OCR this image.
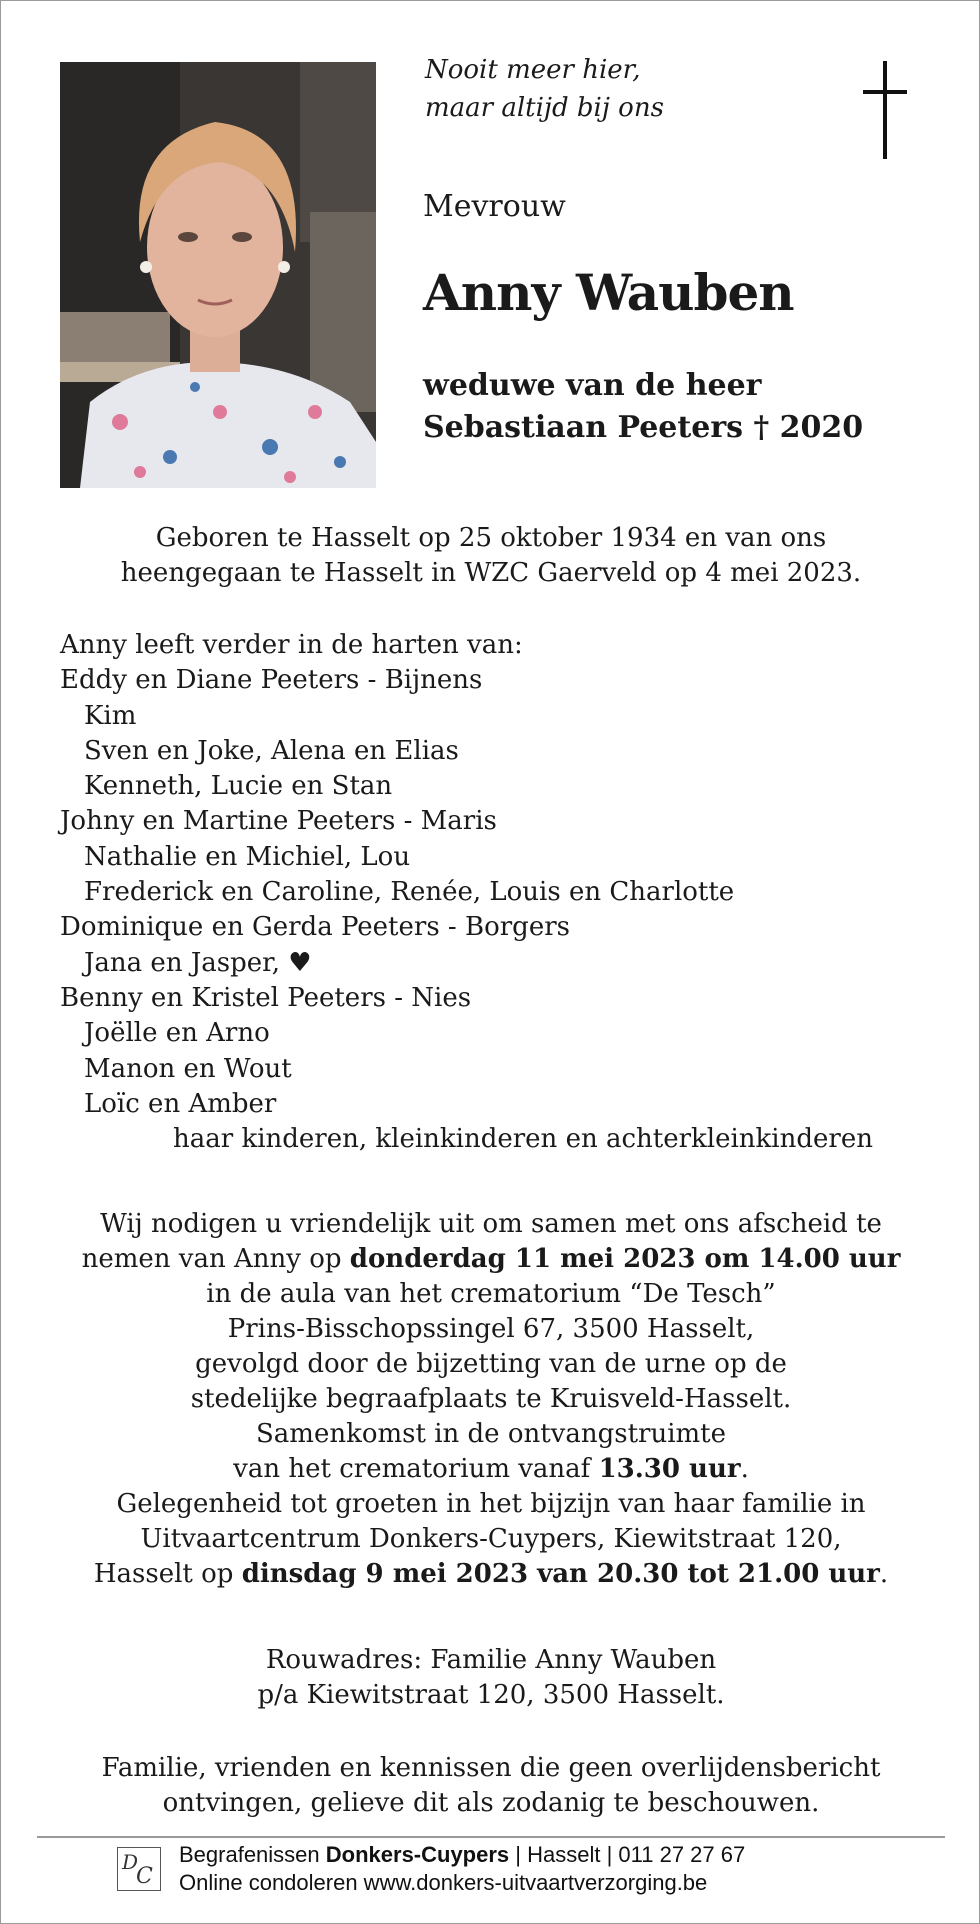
Nooit meer hier,
maar altijd bij ons
Mevrouw
Anny Wauben
weduwe van de heer
Sebastiaan Peeters † 2020
Geboren te Hasselt op 25 oktober 1934 en van ons
heengegaan te Hasselt in WZC Gaerveld op 4 mei 2023.
Anny leeft verder in de harten van:
Eddy en Diane Peeters - Bijnens
Kim
Sven en Joke, Alena en Elias
Kenneth, Lucie en Stan
Johny en Martine Peeters - Maris
Nathalie en Michiel, Lou
Frederick en Caroline, Renée, Louis en Charlotte
Dominique en Gerda Peeters - Borgers
Jana en Jasper, ♥
Benny en Kristel Peeters - Nies
Joëlle en Arno
Manon en Wout
Loïc en Amber
haar kinderen, kleinkinderen en achterkleinkinderen
Wij nodigen u vriendelijk uit om samen met ons afscheid te
nemen van Anny op donderdag 11 mei 2023 om 14.00 uur
in de aula van het crematorium “De Tesch”
Prins-Bisschopssingel 67, 3500 Hasselt,
gevolgd door de bijzetting van de urne op de
stedelijke begraafplaats te Kruisveld-Hasselt.
Samenkomst in de ontvangstruimte
van het crematorium vanaf 13.30 uur.
Gelegenheid tot groeten in het bijzijn van haar familie in
Uitvaartcentrum Donkers-Cuypers, Kiewitstraat 120,
Hasselt op dinsdag 9 mei 2023 van 20.30 tot 21.00 uur.
Rouwadres: Familie Anny Wauben
p/a Kiewitstraat 120, 3500 Hasselt.
Familie, vrienden en kennissen die geen overlijdensbericht
ontvingen, gelieve dit als zodanig te beschouwen.
D
C
Begrafenissen Donkers-Cuypers | Hasselt | 011 27 27 67
Online condoleren www.donkers-uitvaartverzorging.be
